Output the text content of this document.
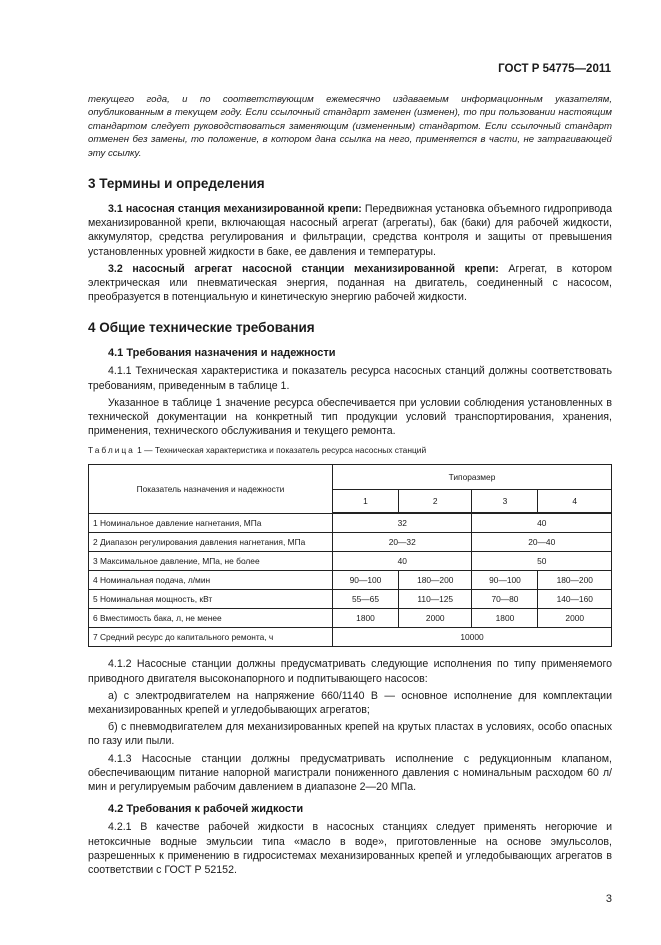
ГОСТ Р 54775—2011
текущего года, и по соответствующим ежемесячно издаваемым информационным указателям, опубликованным в текущем году. Если ссылочный стандарт заменен (изменен), то при пользовании настоящим стандартом следует руководствоваться заменяющим (измененным) стандартом. Если ссылочный стандарт отменен без замены, то положение, в котором дана ссылка на него, применяется в части, не затрагивающей эту ссылку.
3 Термины и определения
3.1 насосная станция механизированной крепи: Передвижная установка объемного гидропривода механизированной крепи, включающая насосный агрегат (агрегаты), бак (баки) для рабочей жидкости, аккумулятор, средства регулирования и фильтрации, средства контроля и защиты от превышения установленных уровней жидкости в баке, ее давления и температуры.
3.2 насосный агрегат насосной станции механизированной крепи: Агрегат, в котором электрическая или пневматическая энергия, поданная на двигатель, соединенный с насосом, преобразуется в потенциальную и кинетическую энергию рабочей жидкости.
4 Общие технические требования
4.1 Требования назначения и надежности
4.1.1 Техническая характеристика и показатель ресурса насосных станций должны соответствовать требованиям, приведенным в таблице 1.
Указанное в таблице 1 значение ресурса обеспечивается при условии соблюдения установленных в технической документации на конкретный тип продукции условий транспортирования, хранения, применения, технического обслуживания и текущего ремонта.
Таблица 1 — Техническая характеристика и показатель ресурса насосных станций
Показатель назначения и надежности	Типоразмер			
	1	2	3	4
1 Номинальное давление нагнетания, МПа	32		40	
2 Диапазон регулирования давления нагнетания, МПа	20—32		20—40	
3 Максимальное давление, МПа, не более	40		50	
4 Номинальная подача, л/мин	90—100	180—200	90—100	180—200
5 Номинальная мощность, кВт	55—65	110—125	70—80	140—160
6 Вместимость бака, л, не менее	1800	2000	1800	2000
7 Средний ресурс до капитального ремонта, ч	10000			
4.1.2 Насосные станции должны предусматривать следующие исполнения по типу применяемого приводного двигателя высоконапорного и подпитывающего насосов:
а) с электродвигателем на напряжение 660/1140 В — основное исполнение для комплектации механизированных крепей и угледобывающих агрегатов;
б) с пневмодвигателем для механизированных крепей на крутых пластах в условиях, особо опасных по газу или пыли.
4.1.3 Насосные станции должны предусматривать исполнение с редукционным клапаном, обеспечивающим питание напорной магистрали пониженного давления с номинальным расходом 60 л/мин и регулируемым рабочим давлением в диапазоне 2—20 МПа.
4.2 Требования к рабочей жидкости
4.2.1 В качестве рабочей жидкости в насосных станциях следует применять негорючие и нетоксичные водные эмульсии типа «масло в воде», приготовленные на основе эмульсолов, разрешенных к применению в гидросистемах механизированных крепей и угледобывающих агрегатов в соответствии с ГОСТ Р 52152.
3
